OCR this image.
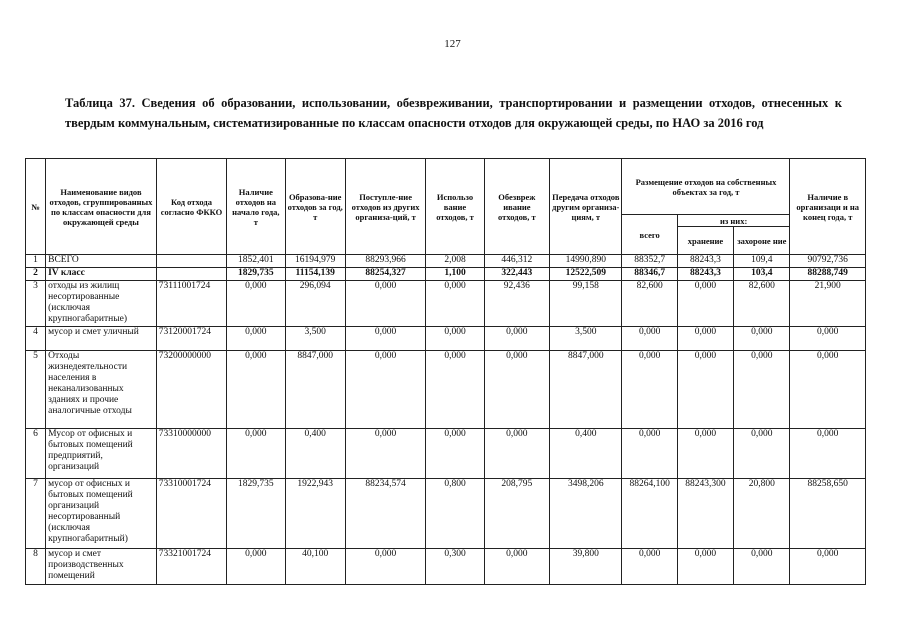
127
Таблица 37. Сведения об образовании, использовании, обезвреживании, транспортировании и размещении отходов, отнесенных к твердым коммунальным, систематизированные по классам опасности отходов для окружающей среды, по НАО за 2016 год
№	Наименование видов отходов, сгруппированных по классам опасности для окружающей среды	Код отхода согласно ФККО	Наличие отходов на начало года, т	Образова-ние отходов за год, т	Поступле-ние отходов из других организа-ций, т	Использо вание отходов, т	Обезвреж ивание отходов, т	Передача отходов другим организа-циям, т	Размещение отходов на собственных объектах за год, т			Наличие в организаци и на конец года, т
									всего	из них:		
										хранение	захороне ние	
1	ВСЕГО		1852,401	16194,979	88293,966	2,008	446,312	14990,890	88352,7	88243,3	109,4	90792,736
2	IV класс		1829,735	11154,139	88254,327	1,100	322,443	12522,509	88346,7	88243,3	103,4	88288,749
3	отходы из жилищ несортированные (исключая крупногабаритные)	73111001724	0,000	296,094	0,000	0,000	92,436	99,158	82,600	0,000	82,600	21,900
4	мусор и смет уличный	73120001724	0,000	3,500	0,000	0,000	0,000	3,500	0,000	0,000	0,000	0,000
5	Отходы жизнедеятельности населения в неканализованных зданиях и прочие аналогичные отходы	73200000000	0,000	8847,000	0,000	0,000	0,000	8847,000	0,000	0,000	0,000	0,000
6	Мусор от офисных и бытовых помещений предприятий, организаций	73310000000	0,000	0,400	0,000	0,000	0,000	0,400	0,000	0,000	0,000	0,000
7	мусор от офисных и бытовых помещений организаций несортированный (исключая крупногабаритный)	73310001724	1829,735	1922,943	88234,574	0,800	208,795	3498,206	88264,100	88243,300	20,800	88258,650
8	мусор и смет производственных помещений	73321001724	0,000	40,100	0,000	0,300	0,000	39,800	0,000	0,000	0,000	0,000
